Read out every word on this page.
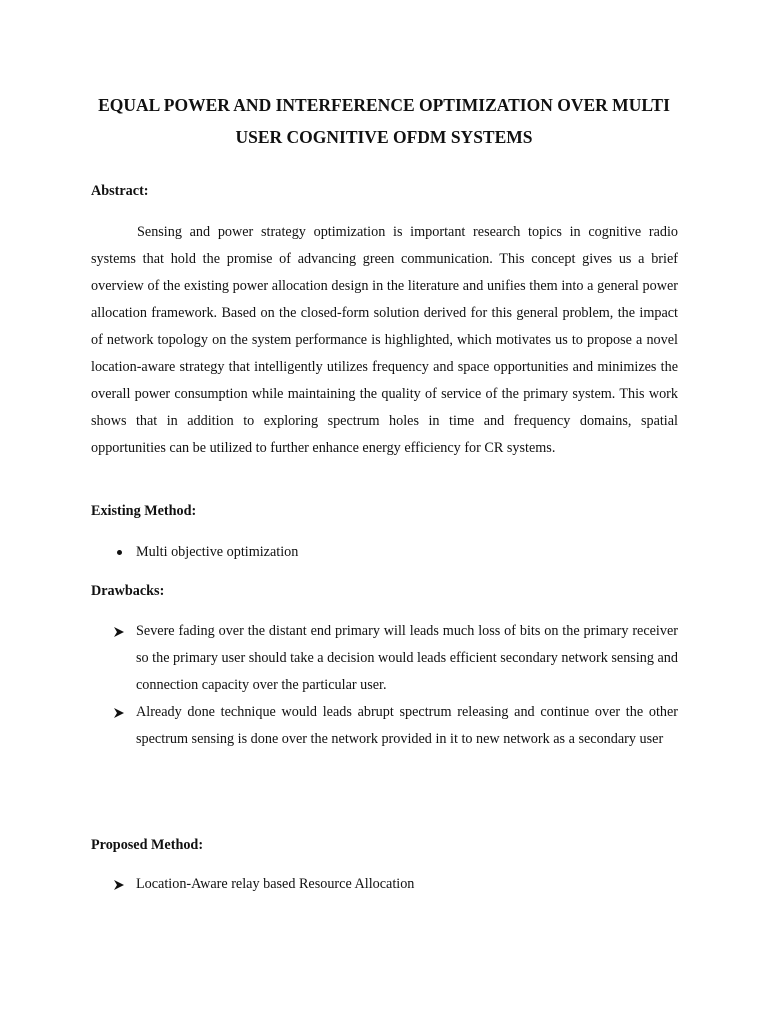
EQUAL POWER AND INTERFERENCE OPTIMIZATION OVER MULTI
USER COGNITIVE OFDM SYSTEMS
Abstract:

Sensing and power strategy optimization is important research topics in cognitive radio systems that hold the promise of advancing green communication. This concept gives us a brief overview of the existing power allocation design in the literature and unifies them into a general power allocation framework. Based on the closed-form solution derived for this general problem, the impact of network topology on the system performance is highlighted, which motivates us to propose a novel location-aware strategy that intelligently utilizes frequency and space opportunities and minimizes the overall power consumption while maintaining the quality of service of the primary system. This work shows that in addition to exploring spectrum holes in time and frequency domains, spatial opportunities can be utilized to further enhance energy efficiency for CR systems.

Existing Method:
Multi objective optimization
Drawbacks:
Severe fading over the distant end primary will leads much loss of bits on the primary receiver so the primary user should take a decision would leads efficient secondary network sensing and connection capacity over the particular user.
Already done technique would leads abrupt spectrum releasing and continue over the other spectrum sensing is done over the network provided in it to new network as a secondary user
Proposed Method:
Location-Aware relay based Resource Allocation
